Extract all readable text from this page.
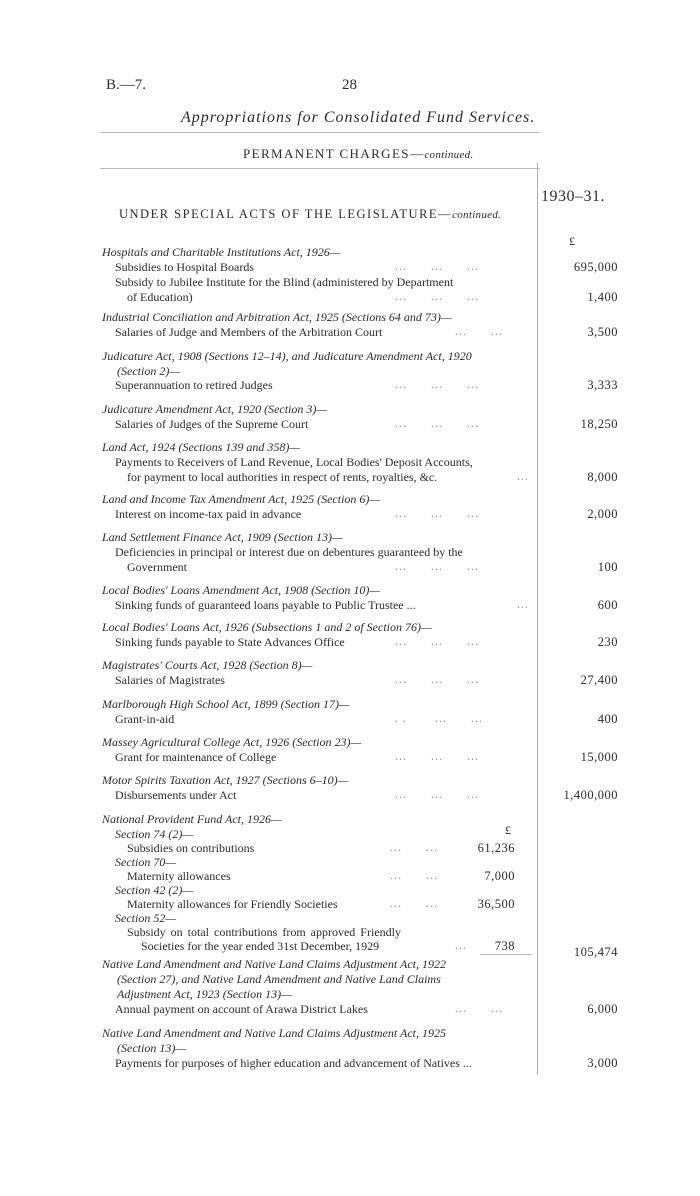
B.—7.	28
Appropriations for Consolidated Fund Services.
PERMANENT CHARGES—continued.
1930–31.
UNDER SPECIAL ACTS OF THE LEGISLATURE—continued.
£
Hospitals and Charitable Institutions Act, 1926—
Subsidies to Hospital Boards	...      ...      ...	695,000
Subsidy to Jubilee Institute for the Blind (administered by Department
of Education)	...      ...      ...	1,400
Industrial Conciliation and Arbitration Act, 1925 (Sections 64 and 73)—
Salaries of Judge and Members of the Arbitration Court	...      ...	3,500
Judicature Act, 1908 (Sections 12–14), and Judicature Amendment Act, 1920
(Section 2)—
Superannuation to retired Judges	...      ...      ...	3,333
Judicature Amendment Act, 1920 (Section 3)—
Salaries of Judges of the Supreme Court	...      ...      ...	18,250
Land Act, 1924 (Sections 139 and 358)—
Payments to Receivers of Land Revenue, Local Bodies' Deposit Accounts,
for payment to local authorities in respect of rents, royalties, &c.	...	8,000
Land and Income Tax Amendment Act, 1925 (Section 6)—
Interest on income-tax paid in advance	...      ...      ...	2,000
Land Settlement Finance Act, 1909 (Section 13)—
Deficiencies in principal or interest due on debentures guaranteed by the
Government	...      ...      ...	100
Local Bodies' Loans Amendment Act, 1908 (Section 10)—
Sinking funds of guaranteed loans payable to Public Trustee ...	...	600
Local Bodies' Loans Act, 1926 (Subsections 1 and 2 of Section 76)—
Sinking funds payable to State Advances Office	...      ...      ...	230
Magistrates' Courts Act, 1928 (Section 8)—
Salaries of Magistrates	...      ...      ...	27,400
Marlborough High School Act, 1899 (Section 17)—
Grant-in-aid	. .       ...      ...	400
Massey Agricultural College Act, 1926 (Section 23)—
Grant for maintenance of College	...      ...      ...	15,000
Motor Spirits Taxation Act, 1927 (Sections 6–10)—
Disbursements under Act	...      ...      ...	1,400,000
National Provident Fund Act, 1926—
£
Section 74 (2)—
Subsidies on contributions	...      ...	61,236
Section 70—
Maternity allowances	...      ...	7,000
Section 42 (2)—
Maternity allowances for Friendly Societies	...      ...	36,500
Section 52—
Subsidy on total contributions from approved Friendly
Societies for the year ended 31st December, 1929	...	738	105,474
Native Land Amendment and Native Land Claims Adjustment Act, 1922
(Section 27), and Native Land Amendment and Native Land Claims
Adjustment Act, 1923 (Section 13)—
Annual payment on account of Arawa District Lakes	...      ...	6,000
Native Land Amendment and Native Land Claims Adjustment Act, 1925
(Section 13)—
Payments for purposes of higher education and advancement of Natives ...	3,000
